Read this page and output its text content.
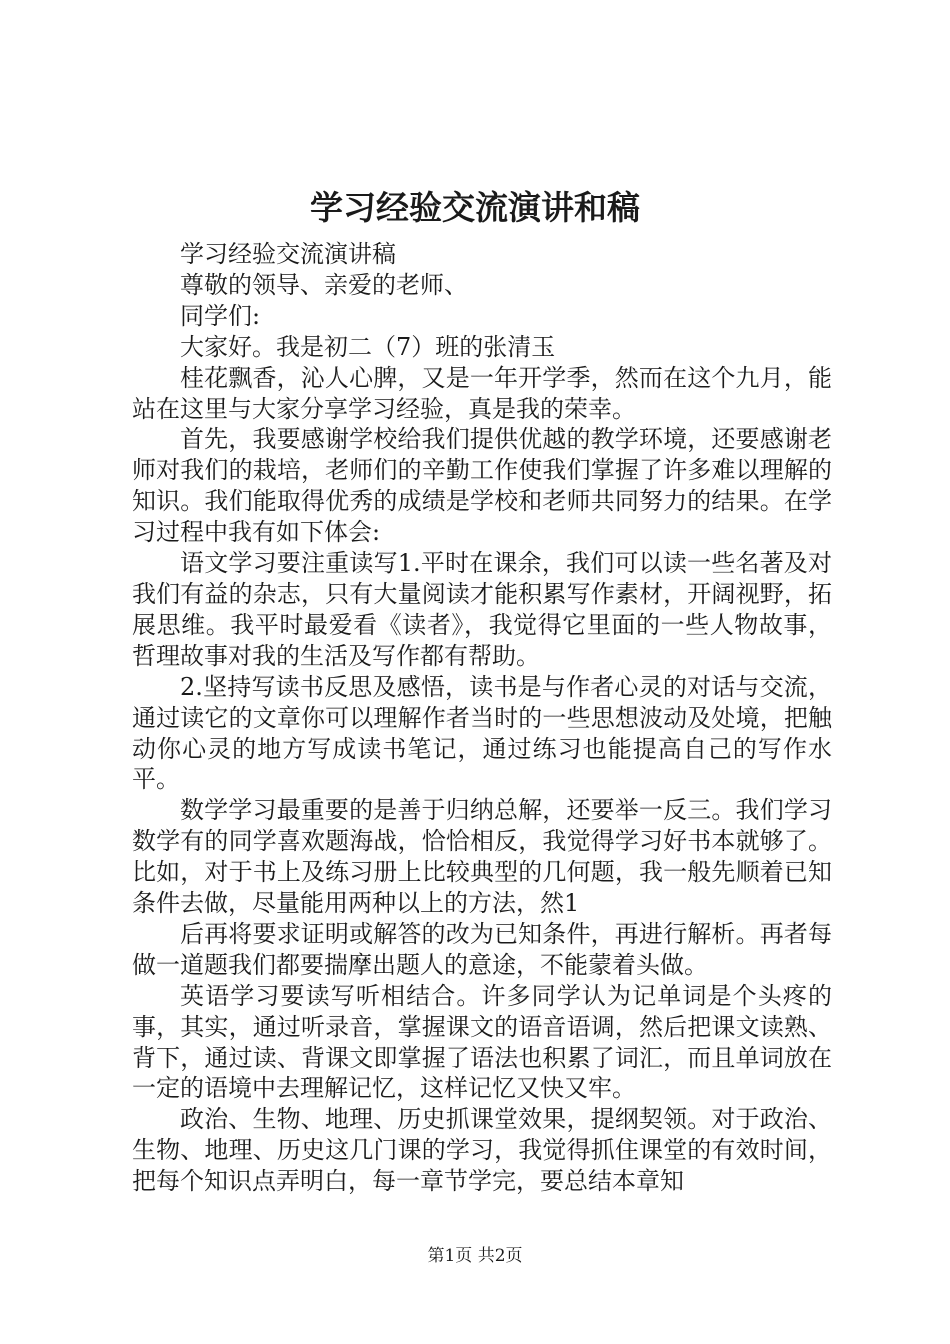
学习经验交流演讲和稿

学习经验交流演讲稿

尊敬的领导、亲爱的老师、

同学们:

大家好。我是初二（7）班的张清玉

桂花飘香，沁人心脾，又是一年开学季，然而在这个九月，能站在这里与大家分享学习经验，真是我的荣幸。

首先，我要感谢学校给我们提供优越的教学环境，还要感谢老师对我们的栽培，老师们的辛勤工作使我们掌握了许多难以理解的知识。我们能取得优秀的成绩是学校和老师共同努力的结果。在学习过程中我有如下体会:

语文学习要注重读写1.平时在课余，我们可以读一些名著及对我们有益的杂志，只有大量阅读才能积累写作素材，开阔视野，拓展思维。我平时最爱看《读者》，我觉得它里面的一些人物故事，哲理故事对我的生活及写作都有帮助。

2.坚持写读书反思及感悟，读书是与作者心灵的对话与交流，通过读它的文章你可以理解作者当时的一些思想波动及处境，把触动你心灵的地方写成读书笔记，通过练习也能提高自己的写作水平。

数学学习最重要的是善于归纳总解，还要举一反三。我们学习数学有的同学喜欢题海战，恰恰相反，我觉得学习好书本就够了。比如，对于书上及练习册上比较典型的几何题，我一般先顺着已知条件去做，尽量能用两种以上的方法，然1

后再将要求证明或解答的改为已知条件，再进行解析。再者每做一道题我们都要揣摩出题人的意途，不能蒙着头做。

英语学习要读写听相结合。许多同学认为记单词是个头疼的事，其实，通过听录音，掌握课文的语音语调，然后把课文读熟、背下，通过读、背课文即掌握了语法也积累了词汇，而且单词放在一定的语境中去理解记忆，这样记忆又快又牢。

政治、生物、地理、历史抓课堂效果，提纲契领。对于政治、生物、地理、历史这几门课的学习，我觉得抓住课堂的有效时间，把每个知识点弄明白，每一章节学完，要总结本章知

第1页 共2页
